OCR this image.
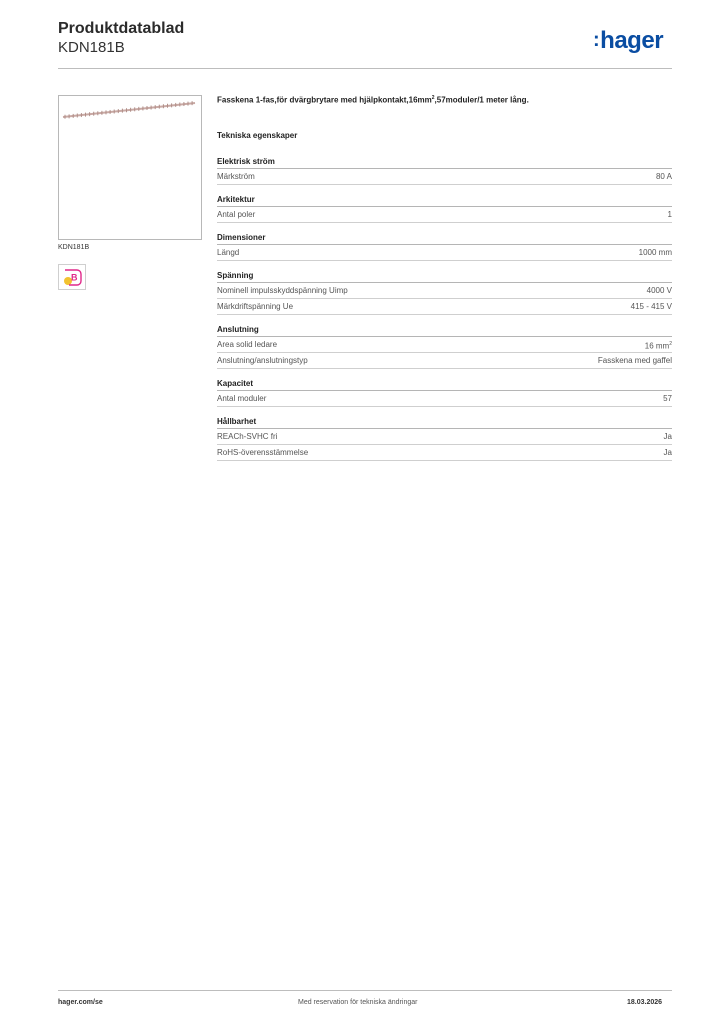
Produktdatablad
KDN181B	:hager
KDN181B
B
Fasskena 1-fas,för dvärgbrytare med $hjälpkontakt,16mm^2,57moduler/1$ meter lång.
Tekniska egenskaper
Elektrisk ström
Märkström	80 A
Arkitektur
Antal poler	1
Dimensioner
Längd	1000 mm
Spänning
Nominell impulsskyddspänning Uimp	4000 V
Märkdriftspänning Ue	415 - 415 V
Anslutning
Area solid ledare	16 $mm^2$
Anslutning/anslutningstyp	Fasskena med gaffel
Kapacitet
Antal moduler	57
Hållbarhet
REACh-SVHC fri	Ja
RoHS-överensstämmelse	Ja
hager.com/se	Med reservation för tekniska ändringar	18.03.2026
